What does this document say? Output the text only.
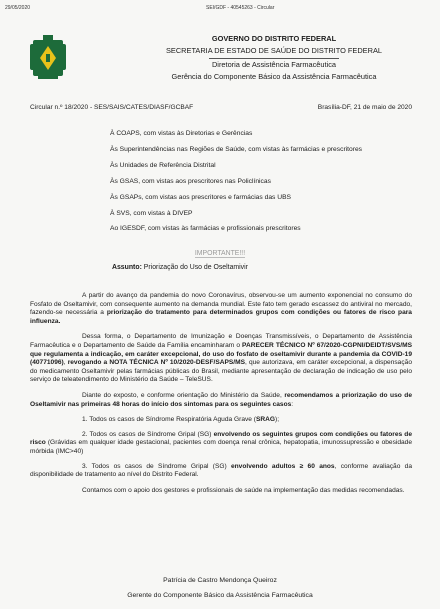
29/05/2020	SEI/GDF - 40545263 - Circular
GOVERNO DO DISTRITO FEDERAL
SECRETARIA DE ESTADO DE SAÚDE DO DISTRITO FEDERAL
Diretoria de Assistência Farmacêutica
Gerência do Componente Básico da Assistência Farmacêutica
Circular n.º 18/2020 - SES/SAIS/CATES/DIASF/GCBAF	Brasília-DF, 21 de maio de 2020
À COAPS, com vistas às Diretorias e Gerências
Às Superintendências nas Regiões de Saúde, com vistas às farmácias e prescritores
Às Unidades de Referência Distrital
Às GSAS, com vistas aos prescritores nas Policlínicas
Às GSAPs, com vistas aos prescritores e farmácias das UBS
À SVS, com vistas à DIVEP
Ao IGESDF, com vistas às farmácias e profissionais prescritores
IMPORTANTE!!!
Assunto: Priorização do Uso de Oseltamivir

A partir do avanço da pandemia do novo Coronavírus, observou-se um aumento exponencial no consumo do Fosfato de Oseltamivir, com consequente aumento na demanda mundial. Este fato tem gerado escassez do antiviral no mercado, fazendo-se necessária a priorização do tratamento para determinados grupos com condições ou fatores de risco para influenza.

Dessa forma, o Departamento de Imunização e Doenças Transmissíveis, o Departamento de Assistência Farmacêutica e o Departamento de Saúde da Família encaminharam o PARECER TÉCNICO Nº 67/2020-CGPNI/DEIDT/SVS/MS que regulamenta a indicação, em caráter excepcional, do uso do fosfato de oseltamivir durante a pandemia da COVID-19 (40771096), revogando a NOTA TÉCNICA Nº 10/2020-DESF/SAPS/MS, que autorizava, em caráter excepcional, a dispensação do medicamento Oseltamivir pelas farmácias públicas do Brasil, mediante apresentação de declaração de indicação de uso pelo serviço de teleatendimento do Ministério da Saúde – TeleSUS.

Diante do exposto, e conforme orientação do Ministério da Saúde, recomendamos a priorização do uso de Oseltamivir nas primeiras 48 horas do início dos sintomas para os seguintes casos:

1. Todos os casos de Síndrome Respiratória Aguda Grave (SRAG);

2. Todos os casos de Síndrome Gripal (SG) envolvendo os seguintes grupos com condições ou fatores de risco (Grávidas em qualquer idade gestacional, pacientes com doença renal crônica, hepatopatia, imunossupressão e obesidade mórbida (IMC>40)

3. Todos os casos de Síndrome Gripal (SG) envolvendo adultos ≥ 60 anos, conforme avaliação da disponibilidade de tratamento ao nível do Distrito Federal.

Contamos com o apoio dos gestores e profissionais de saúde na implementação das medidas recomendadas.

Patrícia de Castro Mendonça Queiroz
Gerente do Componente Básico da Assistência Farmacêutica
